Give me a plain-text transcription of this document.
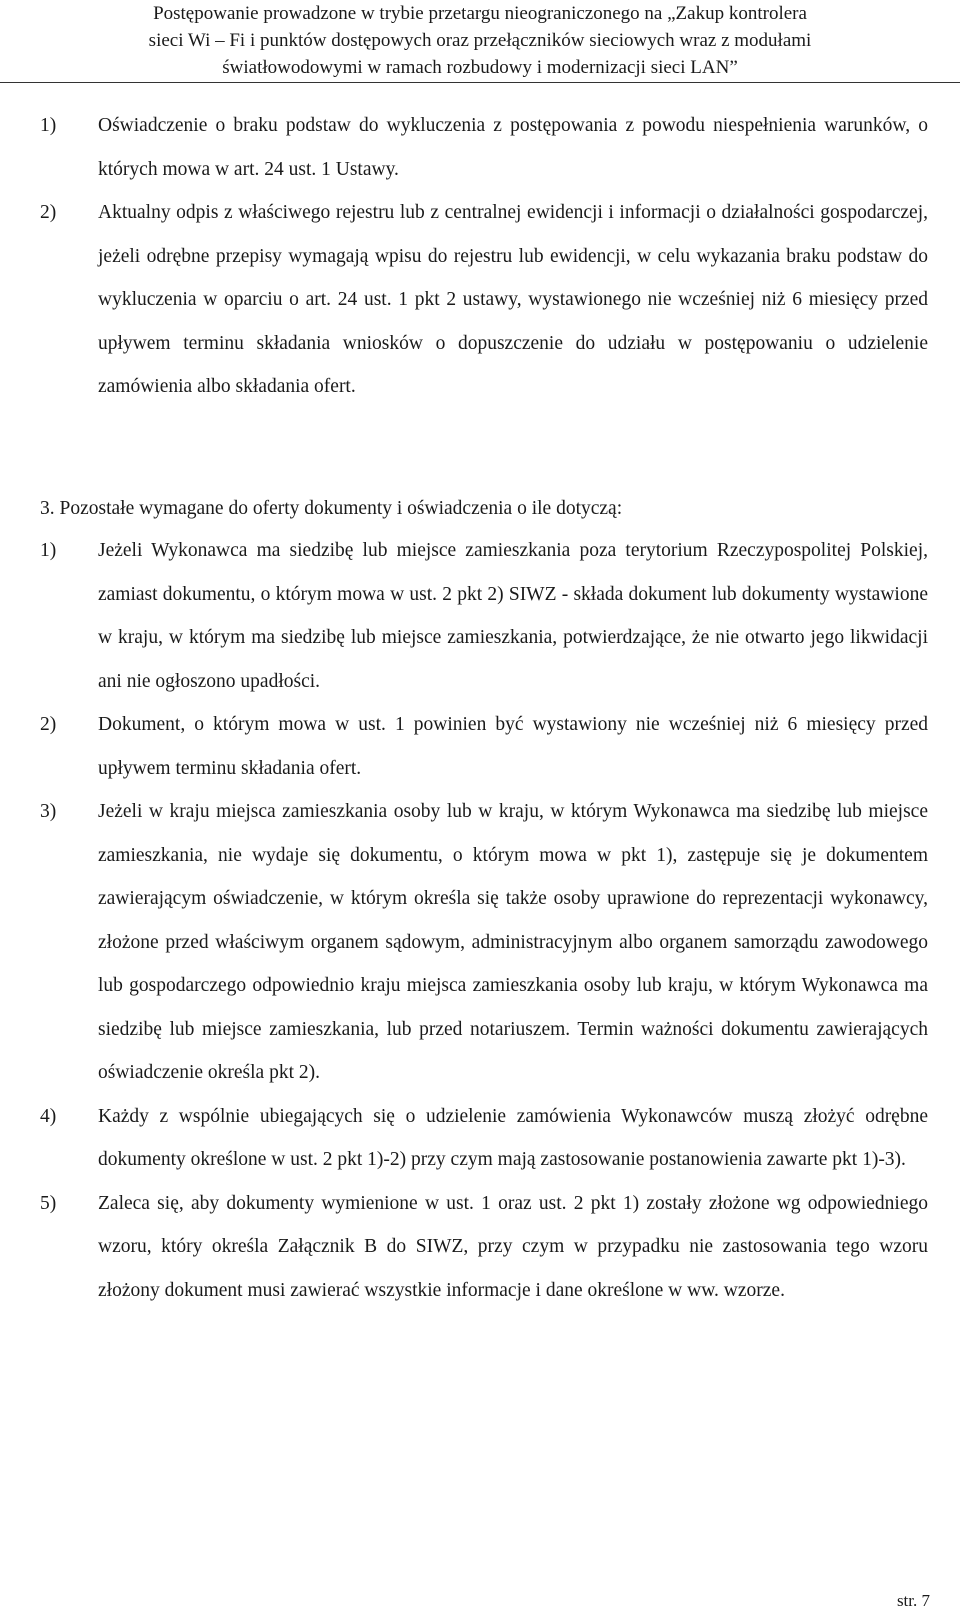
Postępowanie prowadzone w trybie przetargu nieograniczonego na „Zakup kontrolera
sieci Wi – Fi i punktów dostępowych oraz przełączników sieciowych wraz z modułami
światłowodowymi w ramach rozbudowy i modernizacji sieci LAN”
1) Oświadczenie o braku podstaw do wykluczenia z postępowania z powodu niespełnienia warunków, o których mowa w art. 24 ust. 1 Ustawy.
2) Aktualny odpis z właściwego rejestru lub z centralnej ewidencji i informacji o działalności gospodarczej, jeżeli odrębne przepisy wymagają wpisu do rejestru lub ewidencji, w celu wykazania braku podstaw do wykluczenia w oparciu o art. 24 ust. 1 pkt 2 ustawy, wystawionego nie wcześniej niż 6 miesięcy przed upływem terminu składania wniosków o dopuszczenie do udziału w postępowaniu o udzielenie zamówienia albo składania ofert.
3. Pozostałe wymagane do oferty dokumenty i oświadczenia o ile dotyczą:
1) Jeżeli Wykonawca ma siedzibę lub miejsce zamieszkania poza terytorium Rzeczypospolitej Polskiej, zamiast dokumentu, o którym mowa w ust. 2 pkt 2) SIWZ - składa dokument lub dokumenty wystawione w kraju, w którym ma siedzibę lub miejsce zamieszkania, potwierdzające, że nie otwarto jego likwidacji ani nie ogłoszono upadłości.
2) Dokument, o którym mowa w ust. 1 powinien być wystawiony nie wcześniej niż 6 miesięcy przed upływem terminu składania ofert.
3) Jeżeli w kraju miejsca zamieszkania osoby lub w kraju, w którym Wykonawca ma siedzibę lub miejsce zamieszkania, nie wydaje się dokumentu, o którym mowa w pkt 1), zastępuje się je dokumentem zawierającym oświadczenie, w którym określa się także osoby uprawione do reprezentacji wykonawcy, złożone przed właściwym organem sądowym, administracyjnym albo organem samorządu zawodowego lub gospodarczego odpowiednio kraju miejsca zamieszkania osoby lub kraju, w którym Wykonawca ma siedzibę lub miejsce zamieszkania, lub przed notariuszem. Termin ważności dokumentu zawierających oświadczenie określa pkt 2).
4) Każdy z wspólnie ubiegających się o udzielenie zamówienia Wykonawców muszą złożyć odrębne dokumenty określone w ust. 2 pkt 1)-2) przy czym mają zastosowanie postanowienia zawarte pkt 1)-3).
5) Zaleca się, aby dokumenty wymienione w ust. 1 oraz ust. 2 pkt 1) zostały złożone wg odpowiedniego wzoru, który określa Załącznik B do SIWZ, przy czym w przypadku nie zastosowania tego wzoru złożony dokument musi zawierać wszystkie informacje i dane określone w ww. wzorze.
str. 7
